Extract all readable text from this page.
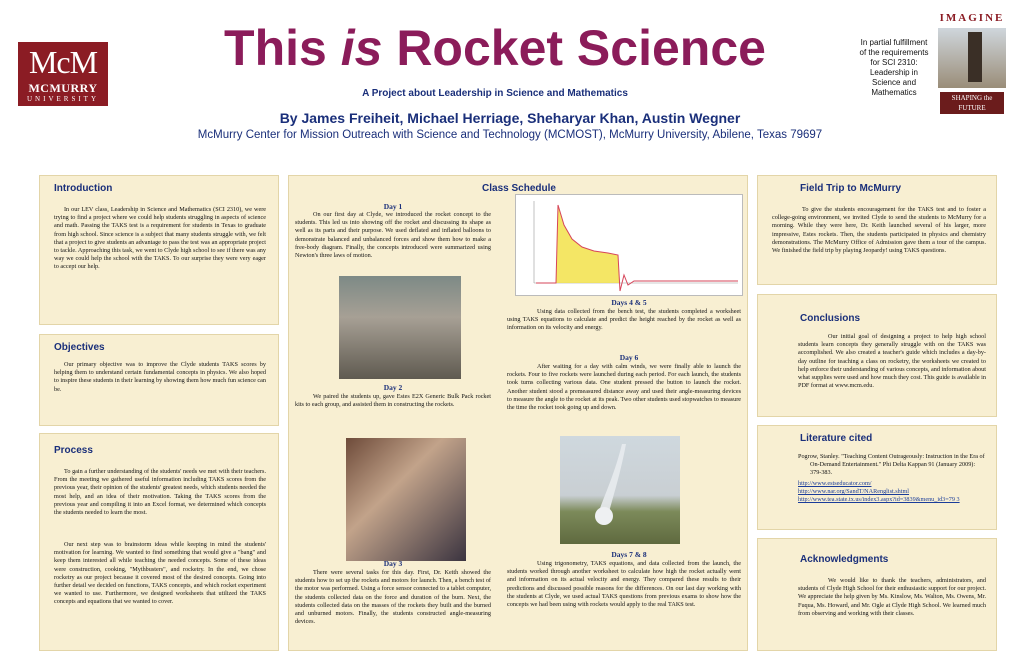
McM
MCMURRY
UNIVERSITY
This is Rocket Science
A Project about Leadership in Science and Mathematics
By James Freiheit, Michael Herriage, Sheharyar Khan, Austin Wegner
McMurry Center for Mission Outreach with Science and Technology (MCMOST), McMurry University, Abilene, Texas 79697
In partial fulfillment of the requirements for SCI 2310: Leadership in Science and Mathematics
IMAGINE
SHAPING the FUTURE
Introduction
In our LEV class, Leadership in Science and Mathematics (SCI 2310), we were trying to find a project where we could help students struggling in aspects of science and math. Passing the TAKS test is a requirement for students in Texas to graduate from high school. Since science is a subject that many students struggle with, we felt that a project to give students an advantage to pass the test was an appropriate project to tackle. Approaching this task, we went to Clyde high school to see if there was any way we could help the school with the TAKS. To our surprise they were very eager to accept our help.
Objectives
Our primary objective was to improve the Clyde students TAKS scores by helping them to understand certain fundamental concepts in physics. We also hoped to inspire these students in their learning by showing them how much fun science can be.
Process
To gain a further understanding of the students' needs we met with their teachers. From the meeting we gathered useful information including TAKS scores from the previous year, their opinion of the students' greatest needs, which students needed the most help, and an idea of their motivation. Taking the TAKS scores from the previous year and compiling it into an Excel format, we determined which concepts the students needed to learn the most.
Our next step was to brainstorm ideas while keeping in mind the students' motivation for learning. We wanted to find something that would give a "bang" and keep them interested all while teaching the needed concepts. Some of these ideas were construction, cooking, "Mythbusters", and rocketry. In the end, we chose rocketry as our project because it covered most of the desired concepts. Going into further detail we decided on functions, TAKS concepts, and which rocket experiment we wanted to use. Furthermore, we designed worksheets that utilized the TAKS concepts and equations that we wanted to cover.
Class Schedule
Day 1
On our first day at Clyde, we introduced the rocket concept to the students. This led us into showing off the rocket and discussing its shape as well as its parts and their purpose. We used deflated and inflated balloons to demonstrate balanced and unbalanced forces and show them how to make a free-body diagram. Finally, the concepts introduced were summarized using Newton's three laws of motion.
Day 2
We paired the students up, gave Estes E2X Generic Bulk Pack rocket kits to each group, and assisted them in constructing the rockets.
Days 4 & 5
Using data collected from the bench test, the students completed a worksheet using TAKS equations to calculate and predict the height reached by the rocket as well as information on its velocity and energy.
Day 6
After waiting for a day with calm winds, we were finally able to launch the rockets. Four to five rockets were launched during each period. For each launch, the students took turns collecting various data. One student pressed the button to launch the rocket. Another student stood a premeasured distance away and used their angle-measuring devices to measure the angle to the rocket at its peak. Two other students used stopwatches to measure the time the rocket took going up and down.
Day 3
There were several tasks for this day. First, Dr. Keith showed the students how to set up the rockets and motors for launch. Then, a bench test of the motor was performed. Using a force sensor connected to a tablet computer, the students collected data on the force and duration of the burn. Next, the students collected data on the masses of the rockets they built and the burned and unburned motors. Finally, the students constructed angle-measuring devices.
Days 7 & 8
Using trigonometry, TAKS equations, and data collected from the launch, the students worked through another worksheet to calculate how high the rocket actually went and information on its actual velocity and energy. They compared these results to their predictions and discussed possible reasons for the differences. On our last day working with the students at Clyde, we used actual TAKS questions from previous exams to show how the concepts we had been using with rockets would apply to the real TAKS test.
Field Trip to McMurry
To give the students encouragement for the TAKS test and to foster a college-going environment, we invited Clyde to send the students to McMurry for a morning. While they were here, Dr. Keith launched several of his larger, more impressive, Estes rockets. Then, the students participated in physics and chemistry demonstrations. The McMurry Office of Admission gave them a tour of the campus. We finished the field trip by playing Jeopardy! using TAKS questions.
Conclusions
Our initial goal of designing a project to help high school students learn concepts they generally struggle with on the TAKS was accomplished. We also created a teacher's guide which includes a day-by-day outline for teaching a class on rocketry, the worksheets we created to help enforce their understanding of various concepts, and information about what supplies were used and how much they cost. This guide is available in PDF format at www.mcm.edu.
Literature cited
Pogrow, Stanley. "Teaching Content Outrageously: Instruction in the Era of On-Demand Entertainment." Phi Delta Kappan 91 (January 2009): 379-383.
http://www.estseducator.com/
http://www.nar.org/SandT/NARenglist.shtml
http://www.tea.state.tx.us/index3.aspx?id=3839&menu_id3=79 3
Acknowledgments
We would like to thank the teachers, administrators, and students of Clyde High School for their enthusiastic support for our project. We appreciate the help given by Ms. Kinslow, Ms. Walton, Ms. Owens, Mr. Fuqua, Ms. Howard, and Mr. Ogle at Clyde High School. We learned much from observing and working with their classes.
